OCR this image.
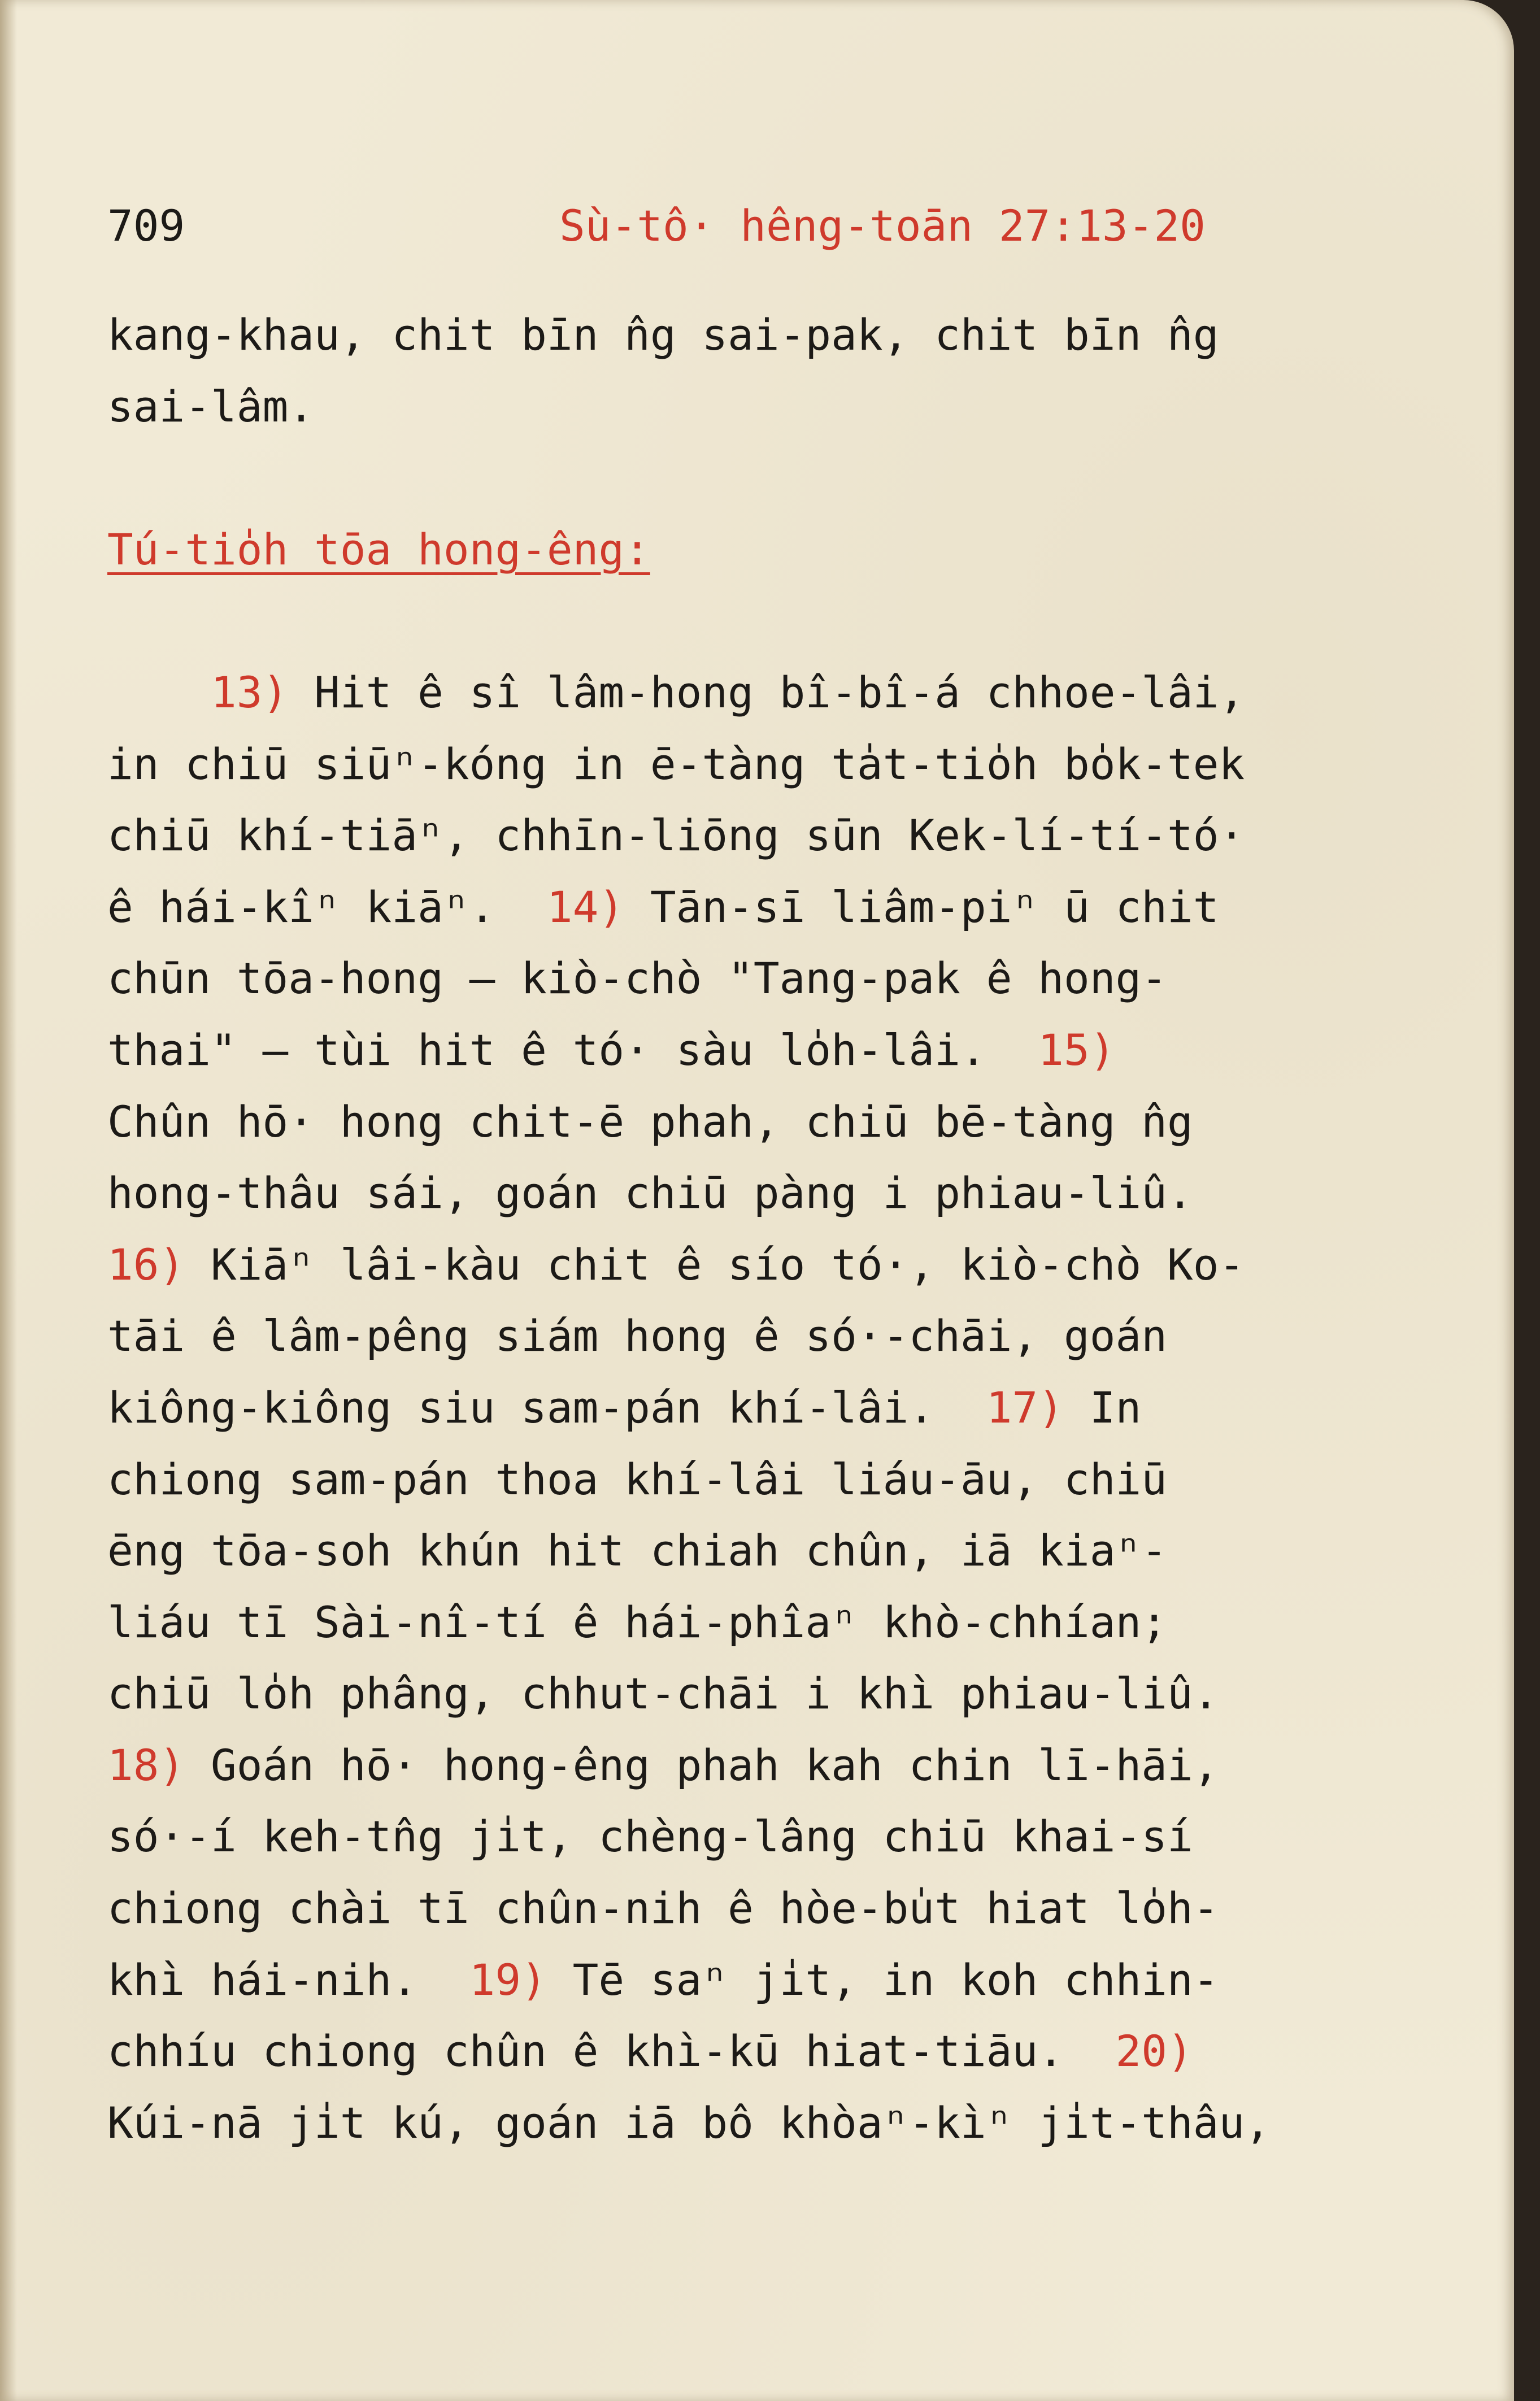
709

	Sù-tô· hêng-toān 27:13-20

kang-khau, chit bīn n̂g sai-pak, chit bīn n̂g
sai-lâm.
Tú-tio̍h tōa hong-êng:
13) Hit ê sî lâm-hong bî-bî-á chhoe-lâi,
in chiū siūⁿ-kóng in ē-tàng ta̍t-tio̍h bo̍k-tek
chiū khí-tiāⁿ, chhīn-liōng sūn Kek-lí-tí-tó·
ê hái-kîⁿ kiāⁿ.  14) Tān-sī liâm-piⁿ ū chit
chūn tōa-hong — kiò-chò "Tang-pak ê hong-
thai" — tùi hit ê tó· sàu lo̍h-lâi.  15)
Chûn hō· hong chit-ē phah, chiū bē-tàng n̂g
hong-thâu sái, goán chiū pàng i phiau-liû.
16) Kiāⁿ lâi-kàu chit ê sío tó·, kiò-chò Ko-
tāi ê lâm-pêng siám hong ê só·-chāi, goán
kiông-kiông siu sam-pán khí-lâi.  17) In
chiong sam-pán thoa khí-lâi liáu-āu, chiū
ēng tōa-soh khún hit chiah chûn, iā kiaⁿ-
liáu tī Sài-nî-tí ê hái-phîaⁿ khò-chhían;
chiū lo̍h phâng, chhut-chāi i khì phiau-liû.
18) Goán hō· hong-êng phah kah chin lī-hāi,
só·-í keh-tn̂g ji̍t, chèng-lâng chiū khai-sí
chiong chài tī chûn-nih ê hòe-bu̍t hiat lo̍h-
khì hái-nih.  19) Tē saⁿ ji̍t, in koh chhin-
chhíu chiong chûn ê khì-kū hiat-tiāu.  20)
Kúi-nā ji̍t kú, goán iā bô khòaⁿ-kìⁿ ji̍t-thâu,
